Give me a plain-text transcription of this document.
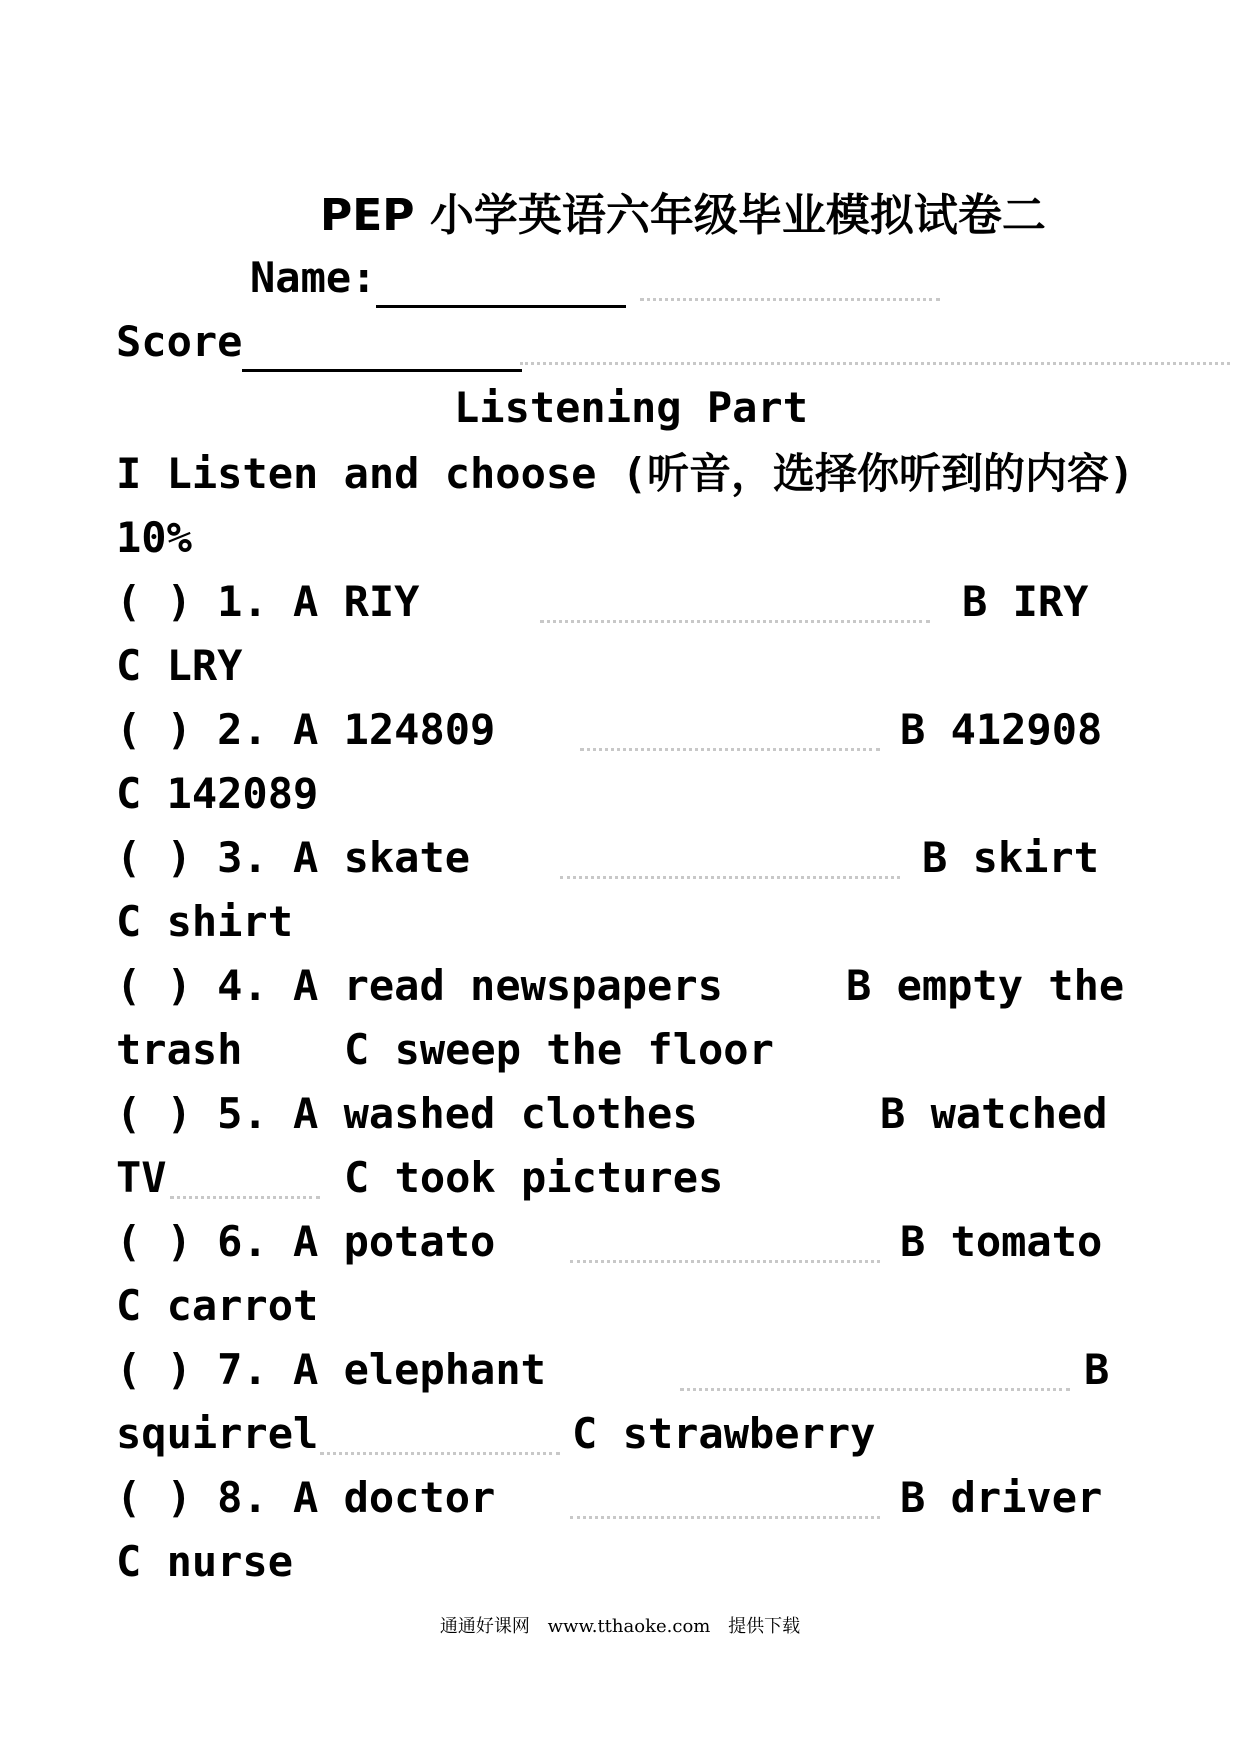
PEP 小学英语六年级毕业模拟试卷二
Name:
Score
Listening Part
I Listen and choose (听音，选择你听到的内容)
10%
( ) 1. A RIY	B IRY
C LRY
( ) 2. A 124809	B 412908
C 142089
( ) 3. A skate	B skirt
C shirt
( ) 4. A read newspapers	B empty the
trash C sweep the floor
( ) 5. A washed clothes	B watched
TV	C took pictures
( ) 6. A potato	B tomato
C carrot
( ) 7. A elephant	B
squirrel	C strawberry
( ) 8. A doctor	B driver
C nurse
通通好课网 www.tthaoke.com 提供下载
